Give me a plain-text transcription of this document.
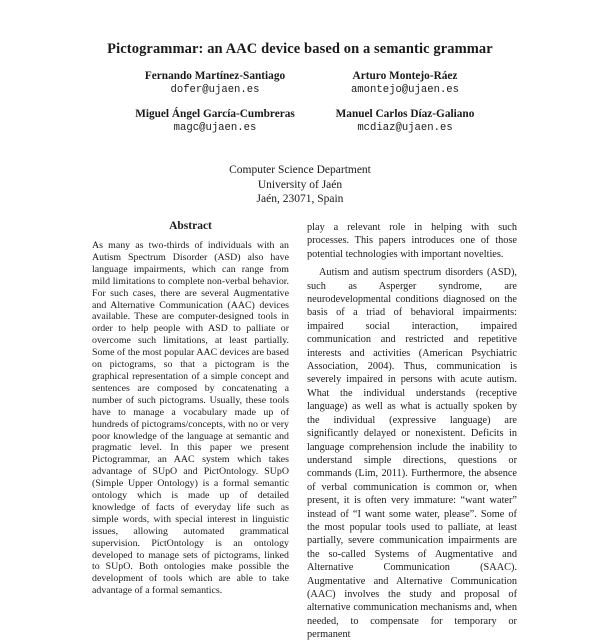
Pictogrammar: an AAC device based on a semantic grammar
Fernando Martínez-Santiago
dofer@ujaen.es
Arturo Montejo-Ráez
amontejo@ujaen.es
Miguel Ángel García-Cumbreras
magc@ujaen.es
Manuel Carlos Díaz-Galiano
mcdiaz@ujaen.es
Computer Science Department
University of Jaén
Jaén, 23071, Spain
Abstract

As many as two-thirds of individuals with an Autism Spectrum Disorder (ASD) also have language impairments, which can range from mild limitations to complete non-verbal behavior. For such cases, there are several Augmentative and Alternative Communication (AAC) devices available. These are computer-designed tools in order to help people with ASD to palliate or overcome such limitations, at least partially. Some of the most popular AAC devices are based on pictograms, so that a pictogram is the graphical representation of a simple concept and sentences are composed by concatenating a number of such pictograms. Usually, these tools have to manage a vocabulary made up of hundreds of pictograms/concepts, with no or very poor knowledge of the language at semantic and pragmatic level. In this paper we present Pictogrammar, an AAC system which takes advantage of SUpO and PictOntology. SUpO (Simple Upper Ontology) is a formal semantic ontology which is made up of detailed knowledge of facts of everyday life such as simple words, with special interest in linguistic issues, allowing automated grammatical supervision. PictOntology is an ontology developed to manage sets of pictograms, linked to SUpO. Both ontologies make possible the development of tools which are able to take advantage of a formal semantics.

play a relevant role in helping with such processes. This papers introduces one of those potential technologies with important novelties.

Autism and autism spectrum disorders (ASD), such as Asperger syndrome, are neurodevelopmental conditions diagnosed on the basis of a triad of behavioral impairments: impaired social interaction, impaired communication and restricted and repetitive interests and activities (American Psychiatric Association, 2004). Thus, communication is severely impaired in persons with acute autism. What the individual understands (receptive language) as well as what is actually spoken by the individual (expressive language) are significantly delayed or nonexistent. Deficits in language comprehension include the inability to understand simple directions, questions or commands (Lim, 2011). Furthermore, the absence of verbal communication is common or, when present, it is often very immature: “want water” instead of “I want some water, please”. Some of the most popular tools used to palliate, at least partially, severe communication impairments are the so-called Systems of Augmentative and Alternative Communication (SAAC). Augmentative and Alternative Communication (AAC) involves the study and proposal of alternative communication mechanisms and, when needed, to compensate for temporary or permanent
